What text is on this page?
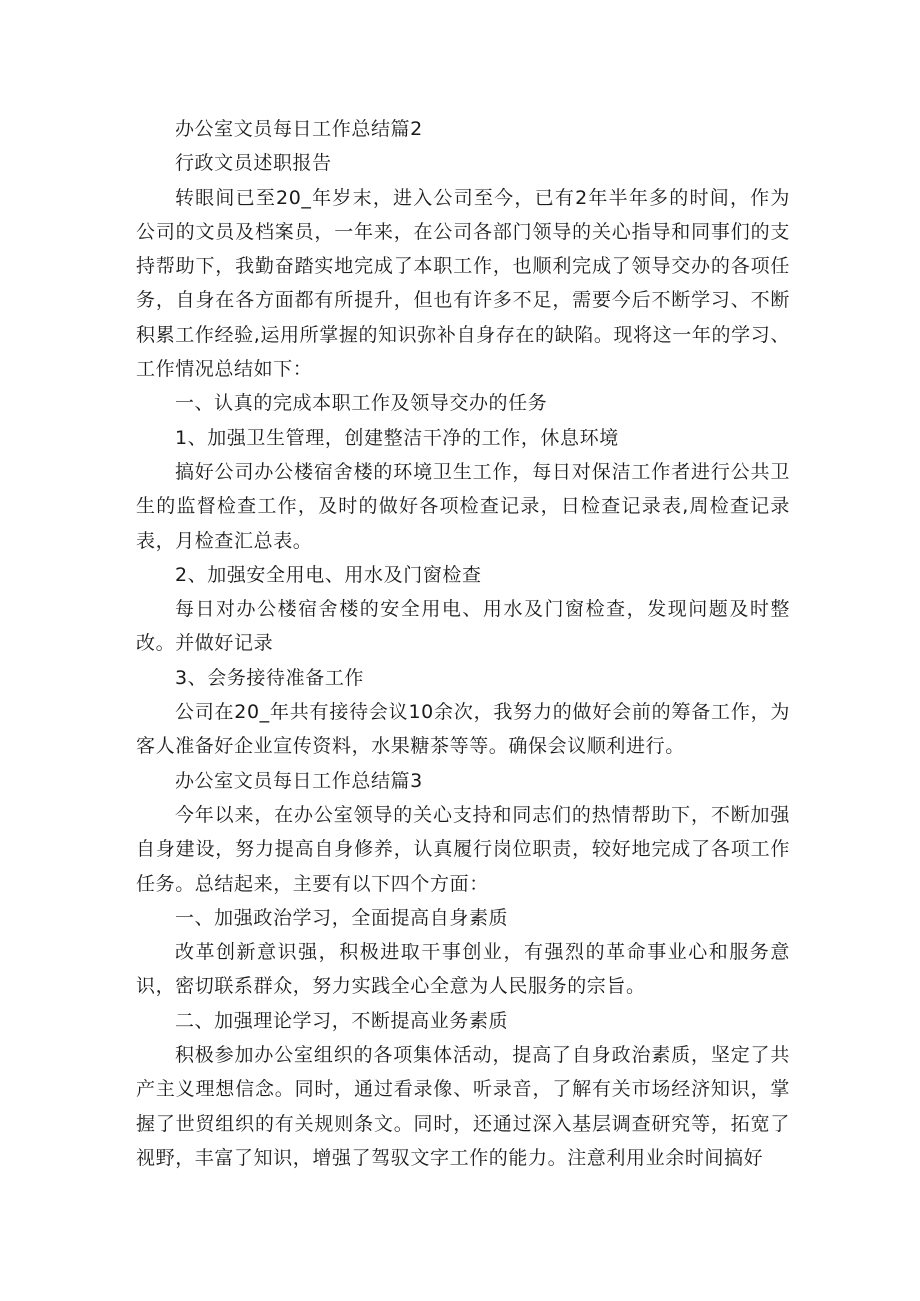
办公室文员每日工作总结篇2

行政文员述职报告

转眼间已至20_年岁末，进入公司至今，已有2年半年多的时间，作为公司的文员及档案员，一年来，在公司各部门领导的关心指导和同事们的支持帮助下，我勤奋踏实地完成了本职工作，也顺利完成了领导交办的各项任务，自身在各方面都有所提升，但也有许多不足，需要今后不断学习、不断积累工作经验,运用所掌握的知识弥补自身存在的缺陷。现将这一年的学习、工作情况总结如下：

一、认真的完成本职工作及领导交办的任务

1、加强卫生管理，创建整洁干净的工作，休息环境

搞好公司办公楼宿舍楼的环境卫生工作，每日对保洁工作者进行公共卫生的监督检查工作，及时的做好各项检查记录，日检查记录表,周检查记录表，月检查汇总表。

2、加强安全用电、用水及门窗检查

每日对办公楼宿舍楼的安全用电、用水及门窗检查，发现问题及时整改。并做好记录

3、会务接待准备工作

公司在20_年共有接待会议10余次，我努力的做好会前的筹备工作，为客人准备好企业宣传资料，水果糖茶等等。确保会议顺利进行。

办公室文员每日工作总结篇3

今年以来，在办公室领导的关心支持和同志们的热情帮助下，不断加强自身建设，努力提高自身修养，认真履行岗位职责，较好地完成了各项工作任务。总结起来，主要有以下四个方面：

一、加强政治学习，全面提高自身素质

改革创新意识强，积极进取干事创业，有强烈的革命事业心和服务意识，密切联系群众，努力实践全心全意为人民服务的宗旨。

二、加强理论学习，不断提高业务素质

积极参加办公室组织的各项集体活动，提高了自身政治素质，坚定了共产主义理想信念。同时，通过看录像、听录音，了解有关市场经济知识，掌握了世贸组织的有关规则条文。同时，还通过深入基层调查研究等，拓宽了视野，丰富了知识，增强了驾驭文字工作的能力。注意利用业余时间搞好
